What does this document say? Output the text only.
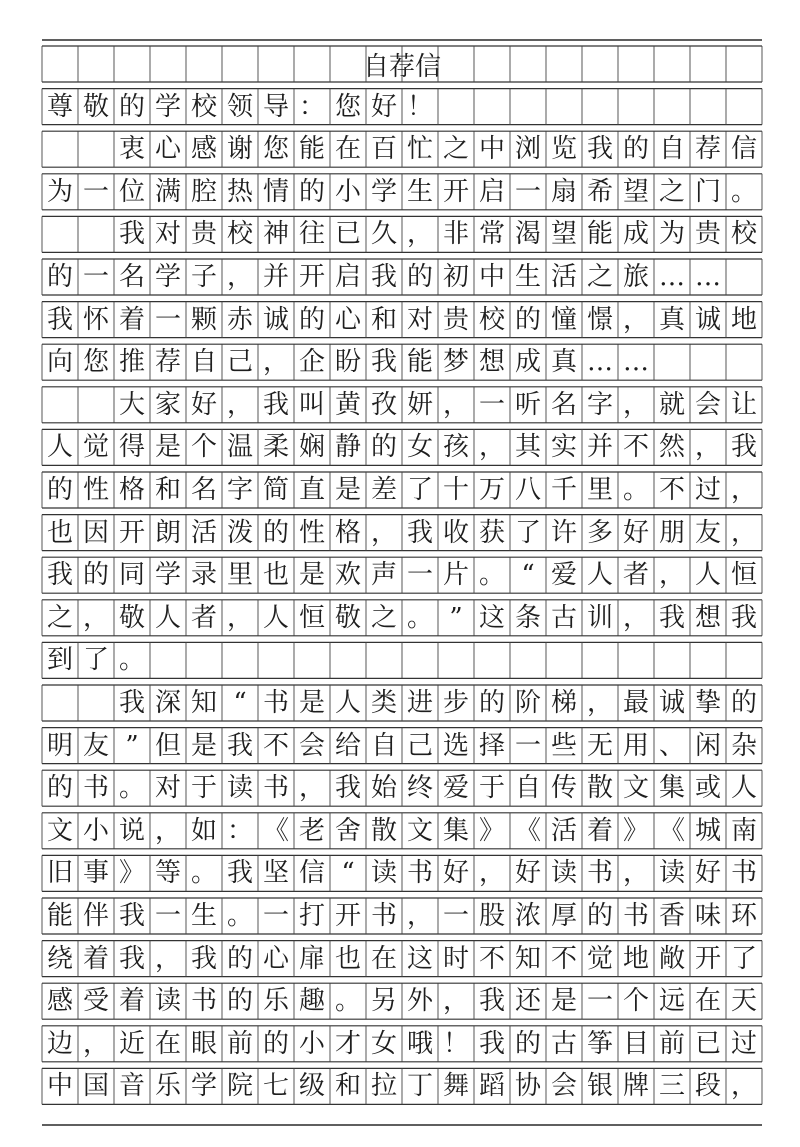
自荐信
尊 敬 的 学 校 领 导 ： 您 好 ！

衷 心 感 谢 您 能 在 百 忙 之 中 浏 览 我 的 自 荐 信
为 一 位 满 腔 热 情 的 小 学 生 开 启 一 扇 希 望 之 门 。

我 对 贵 校 神 往 已 久 ， 非 常 渴 望 能 成 为 贵 校
的 一 名 学 子 ， 并 开 启 我 的 初 中 生 活 之 旅 … …
我 怀 着 一 颗 赤 诚 的 心 和 对 贵 校 的 憧 憬 ， 真 诚 地
向 您 推 荐 自 己 ， 企 盼 我 能 梦 想 成 真 … …

大 家 好 ， 我 叫 黄 孜 妍 ， 一 听 名 字 ， 就 会 让
人 觉 得 是 个 温 柔 娴 静 的 女 孩 ， 其 实 并 不 然 ， 我
的 性 格 和 名 字 简 直 是 差 了 十 万 八 千 里 。 不 过 ，
也 因 开 朗 活 泼 的 性 格 ， 我 收 获 了 许 多 好 朋 友 ，
我 的 同 学 录 里 也 是 欢 声 一 片 。 “ 爱 人 者 ， 人 恒
之 ， 敬 人 者 ， 人 恒 敬 之 。 ” 这 条 古 训 ， 我 想 我
到 了 。

我 深 知 “ 书 是 人 类 进 步 的 阶 梯 ， 最 诚 挚 的
明 友 ” 但 是 我 不 会 给 自 己 选 择 一 些 无 用 、 闲 杂
的 书 。 对 于 读 书 ， 我 始 终 爱 于 自 传 散 文 集 或 人
文 小 说 ， 如 ： 《 老 舍 散 文 集 》 《 活 着 》 《 城 南
旧 事 》 等 。 我 坚 信 “ 读 书 好 ， 好 读 书 ， 读 好 书
能 伴 我 一 生 。 一 打 开 书 ， 一 股 浓 厚 的 书 香 味 环
绕 着 我 ， 我 的 心 扉 也 在 这 时 不 知 不 觉 地 敞 开 了
感 受 着 读 书 的 乐 趣 。 另 外 ， 我 还 是 一 个 远 在 天
边 ， 近 在 眼 前 的 小 才 女 哦 ！ 我 的 古 筝 目 前 已 过
中 国 音 乐 学 院 七 级 和 拉 丁 舞 蹈 协 会 银 牌 三 段 ，
